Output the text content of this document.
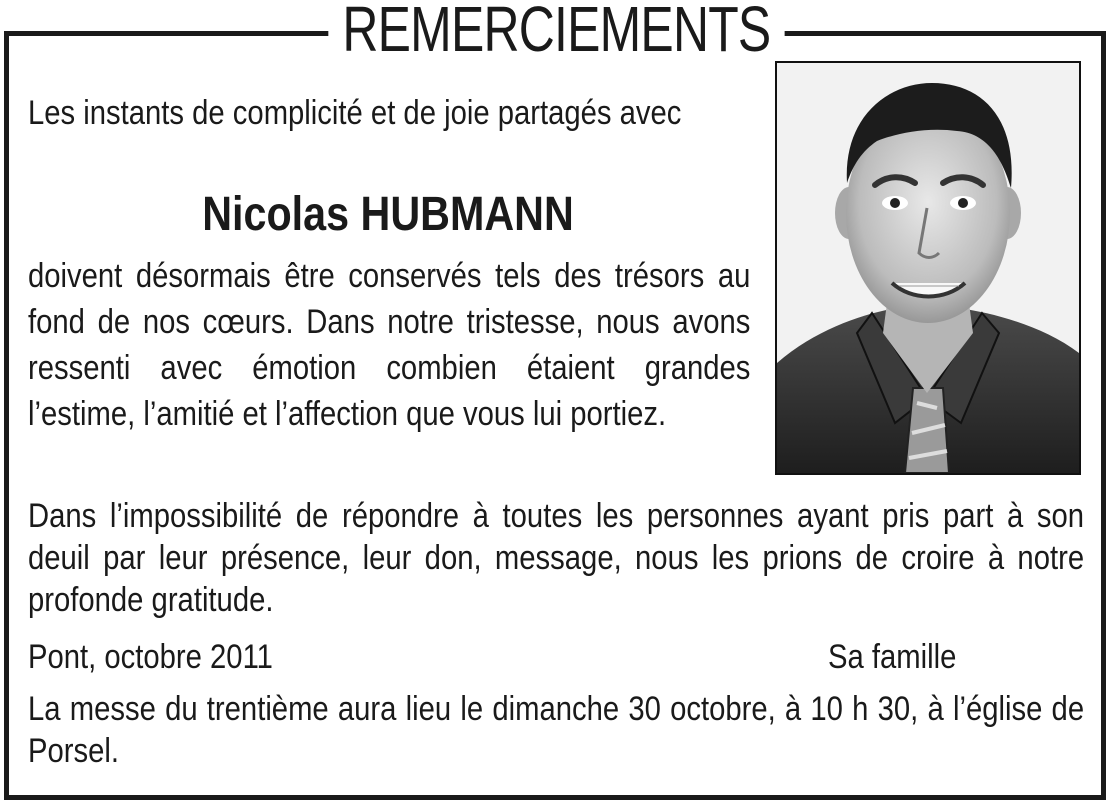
REMERCIEMENTS
Les instants de complicité et de joie partagés avec
Nicolas HUBMANN
doivent désormais être conservés tels des trésors au fond de nos cœurs. Dans notre tristesse, nous avons ressenti avec émotion combien étaient grandes l’estime, l’amitié et l’affection que vous lui portiez.
Dans l’impossibilité de répondre à toutes les personnes ayant pris part à son deuil par leur présence, leur don, message, nous les prions de croire à notre profonde gratitude.
Pont, octobre 2011	Sa famille
La messe du trentième aura lieu le dimanche 30 octobre, à 10 h 30, à l’église de Porsel.
